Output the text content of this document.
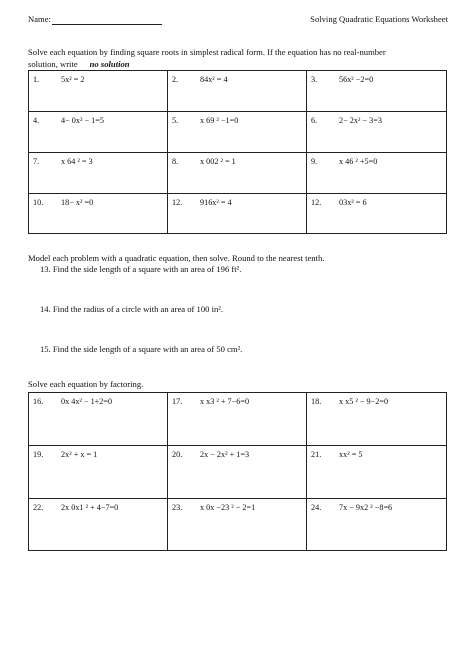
Name:	Solving Quadratic Equations Worksheet
Solve each equation by finding square roots in simplest radical form. If the equation has no real-number
solution, write no solution
1. 5x² = 2	2. 84x² = 4	3. 56x² −2=0
4. 4− 0x² − 1=5	5. x 69 ² −1=0	6. 2− 2x² − 3=3
7. x 64 ² = 3	8. x 002 ² = 1	9. x 46 ² +5=0
10. 18− x² =0	12. 916x² = 4	12. 03x² = 6
Model each problem with a quadratic equation, then solve. Round to the nearest tenth.
13. Find the side length of a square with an area of 196 ft².
14. Find the radius of a circle with an area of 100 in².
15. Find the side length of a square with an area of 50 cm².
Solve each equation by factoring.
16. 0x 4x² − 1+2=0	17. x x3 ² + 7−6=0	18. x x5 ² − 9−2=0
19. 2x² + x = 1	20. 2x − 2x² + 1=3	21. xx² = 5
22. 2x 0x1 ² + 4−7=0	23. x 0x −23 ² − 2=1	24. 7x − 9x2 ² −8=6
